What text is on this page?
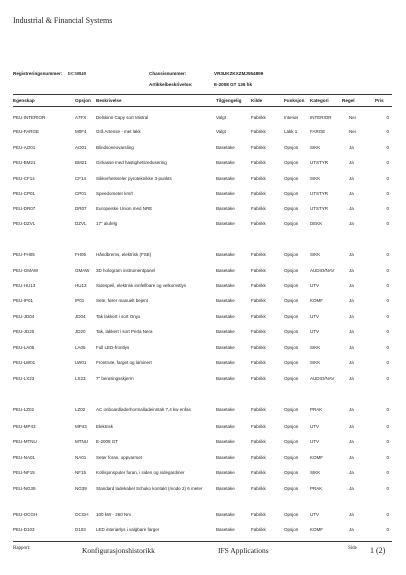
Industrial & Financial Systems
Registreringsnummer: EC30840	Chassisnummer:	VR3UKZKXZMJ554899
Artikkelbeskrivelse:	E-2008 GT 136 hk
Egenskap	Opsjon Beskrivelse	Tilgjengelig Kilde	Funksjon Kategori	Regel	Pris
PEU-INTERIOR	A7FX Delskinn Capy sort Mistral	Valgt	Fabrikk	Interiør	INTERIOR	Nei	0
PEU-FARGE	M0F4 Grå Artense - met lakk	Valgt	Fabrikk	Lakk 1	FARGE	Nei	0
PEU-AO01	AO01 Blindsoneovarsling	Basetake	Fabrikk	Opsjon	SIKK	Ja	0
PEU-BM21	BM21 Girkasse med hastighetsredusering	Basetake	Fabrikk	Opsjon	UTSTYR	Ja	0
PEU-CF14	CF14 Sikkerhetsseler pyroteknikke 3-punkts	Basetake	Fabrikk	Opsjon	SIKK	Ja	0
PEU-CP01	CP01 Speedometer km/t	Basetake	Fabrikk	Opsjon	UTSTYR	Ja	0
PEU-DR07	DR07 Europeiske Union med NRE	Basetake	Fabrikk	Opsjon	UTSTYR	Ja	0
PEU-DZVL	DZVL 17" alufelg	Basetake	Fabrikk	Opsjon	DEKK	Ja	0
PEU-FH05	FH05 Håndbrems, elektrisk (FSE)	Basetake	Fabrikk	Opsjon	SIKK	Ja	0
PEU-GMAW	GMAW 3D hologram instrumentpanel	Basetake	Fabrikk	Opsjon	AUDIO/NAV	Ja	0
PEU-HU13	HU13 Sidespeil, elektrisk innfellbare og velkomstlys	Basetake	Fabrikk	Opsjon	UTV	Ja	0
PEU-IP01	IP01	Sete, fører manuelt bejent	Basetake	Fabrikk	Opsjon	KOMF	Ja	0
PEU-JD04	JD04 Tak lakkert i sort Onyx	Basetake	Fabrikk	Opsjon	UTV	Ja	0
PEU-JD20	JD20 Tak, lakkert i sort Perla Nera	Basetake	Fabrikk	Opsjon	UTV	Ja	0
PEU-LA05	LA05 Full LED-frontlys	Basetake	Fabrikk	Opsjon	SIKK	Ja	0
PEU-LW01	LW01 Frontrute, farget og laminert	Basetake	Fabrikk	Opsjon	SIKK	Ja	0
PEU-LX23	LX23 7" berøringsskjerm	Basetake	Fabrikk	Opsjon	AUDIO/NAV	Ja	0
PEU-LZ02	LZ02 AC onboardladerhormalladeinntak 7,4 kw enfas	Basetake	Fabrikk	Opsjon	PRAK	Ja	0
PEU-MP43	MP43 Elektrisk	Basetake	Fabrikk	Opsjon	UTV	Ja	0
PEU-MTNU	MTNU E-2008 GT	Basetake	Fabrikk	Opsjon	UTV	Ja	0
PEU-NA01	NA01 Seter foran, oppvarmet	Basetake	Fabrikk	Opsjon	KOMF	Ja	0
PEU-NF15	NF15 Kollisjonsputer foran, i siden og sidegardiner	Basetake	Fabrikk	Opsjon	SIKK	Ja	0
PEU-NG39	NG39 Standard ladekabel Schuko kontakt (mode 2) 6 meter	Basetake	Fabrikk	Opsjon	PRAK	Ja	0
PEU-OCGH	OCGH 100 kW - 260 Nm	Basetake	Fabrikk	Opsjon	UTV	Ja	0
PEU-D103	D103 LED interiørlys i valgbare farger	Basetake	Fabrikk	Opsjon	KOMF	Ja	0
Rapport:	Konfigurasjonshistorikk	IFS Applications	Side 1 (2)
